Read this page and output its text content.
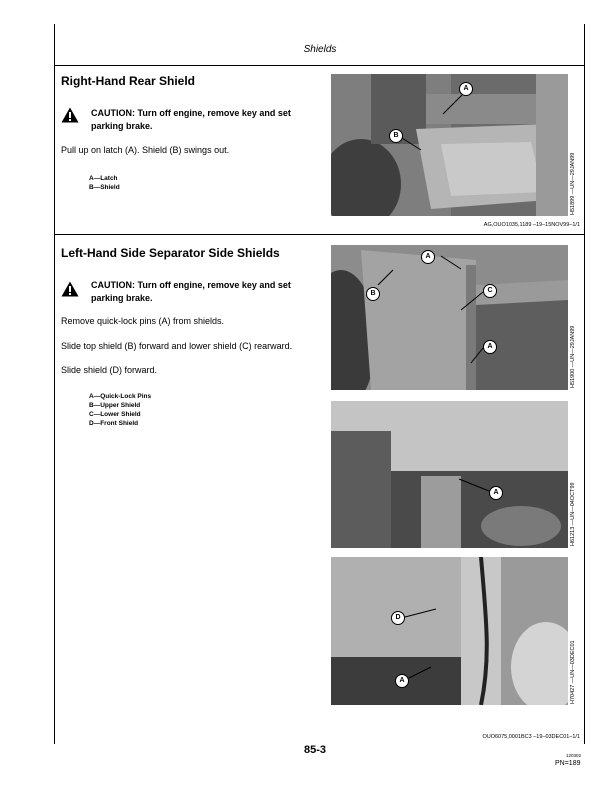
Shields
Right-Hand Rear Shield
CAUTION: Turn off engine, remove key and set parking brake.
Pull up on latch (A). Shield (B) swings out.
A—Latch
B—Shield
A
B
H51899 —UN—29JAN99
AG,OUO1035,1189 –19–15NOV99–1/1
Left-Hand Side Separator Side Shields
CAUTION: Turn off engine, remove key and set parking brake.
Remove quick-lock pins (A) from shields.
Slide top shield (B) forward and lower shield (C) rearward.
Slide shield (D) forward.
A—Quick-Lock Pins
B—Upper Shield
C—Lower Shield
D—Front Shield
A
B	C
A	H51900 —UN—29JAN99
A	H61213 —UN—04OCT99
D
A	H70427 —UN—03DEC01
OUO6075,0001BC3 –19–03DEC01–1/1
85-3	120302
PN=189
